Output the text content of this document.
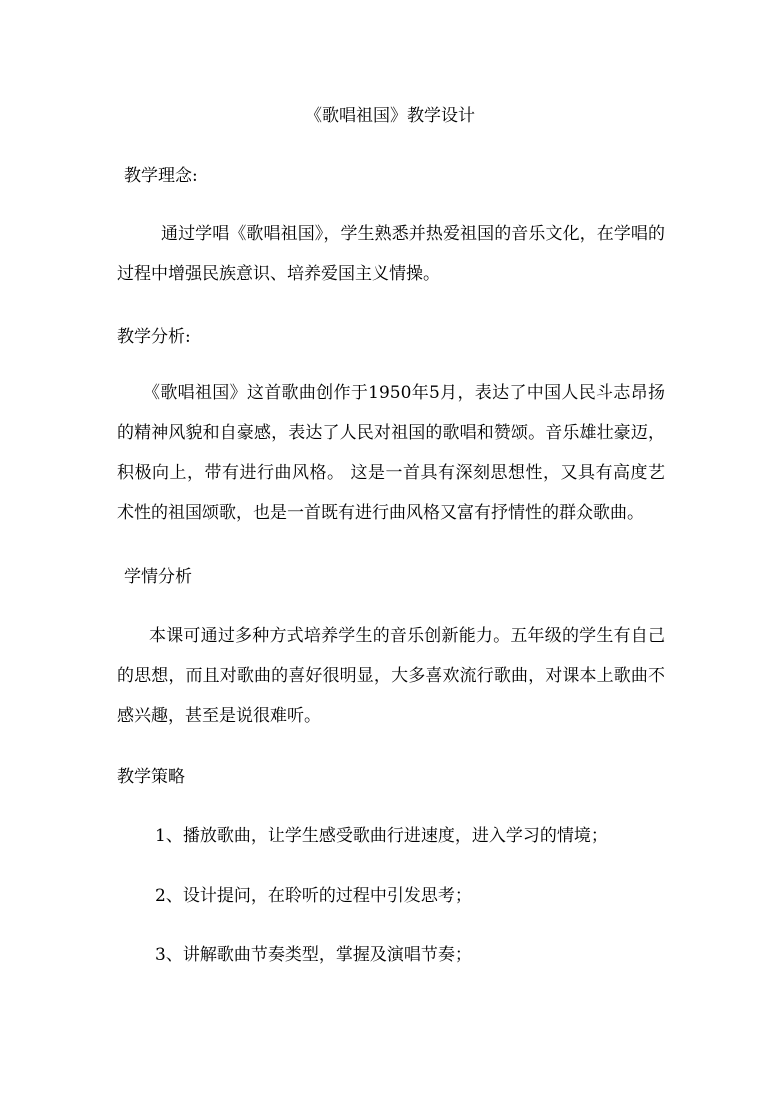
《歌唱祖国》教学设计
教学理念:
通过学唱《歌唱祖国》，学生熟悉并热爱祖国的音乐文化，在学唱的过程中增强民族意识、培养爱国主义情操。
教学分析:
《歌唱祖国》这首歌曲创作于1950年5月，表达了中国人民斗志昂扬的精神风貌和自豪感，表达了人民对祖国的歌唱和赞颂。音乐雄壮豪迈，积极向上，带有进行曲风格。 这是一首具有深刻思想性，又具有高度艺术性的祖国颂歌，也是一首既有进行曲风格又富有抒情性的群众歌曲。
学情分析
本课可通过多种方式培养学生的音乐创新能力。五年级的学生有自己的思想，而且对歌曲的喜好很明显，大多喜欢流行歌曲，对课本上歌曲不感兴趣，甚至是说很难听。
教学策略
1、播放歌曲，让学生感受歌曲行进速度，进入学习的情境；
2、设计提问，在聆听的过程中引发思考；
3、讲解歌曲节奏类型，掌握及演唱节奏；
